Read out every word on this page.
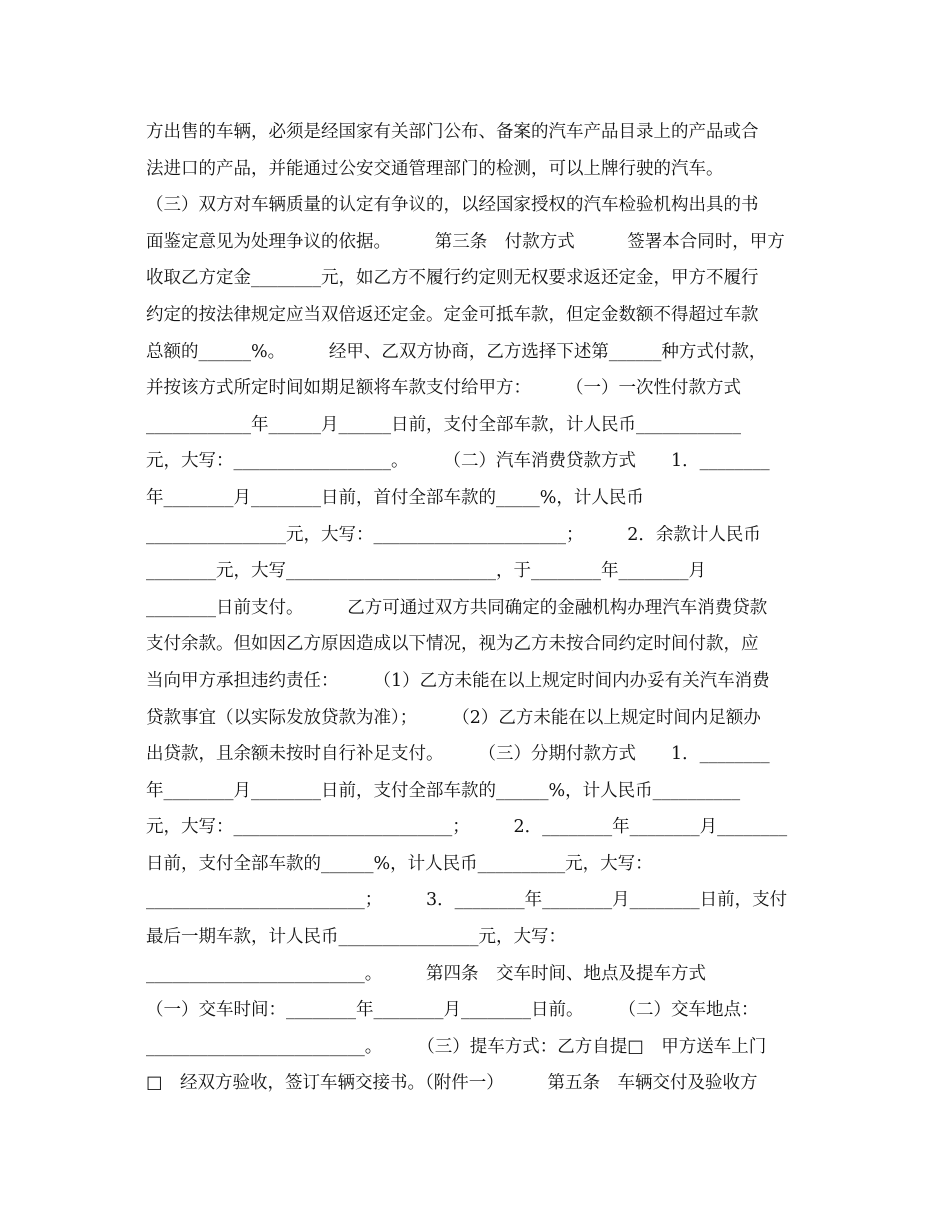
方出售的车辆，必须是经国家有关部门公布、备案的汽车产品目录上的产品或合
法进口的产品，并能通过公安交通管理部门的检测，可以上牌行驶的汽车。
（三）双方对车辆质量的认定有争议的，以经国家授权的汽车检验机构出具的书
面鉴定意见为处理争议的依据。　　　第三条　付款方式　　　签署本合同时，甲方
收取乙方定金________元，如乙方不履行约定则无权要求返还定金，甲方不履行
约定的按法律规定应当双倍返还定金。定金可抵车款，但定金数额不得超过车款
总额的______%。　　　经甲、乙双方协商，乙方选择下述第______种方式付款，
并按该方式所定时间如期足额将车款支付给甲方：　　　（一）一次性付款方式
____________年______月______日前，支付全部车款，计人民币____________
元，大写：__________________。　　　（二）汽车消费贷款方式　　1．________
年________月________日前，首付全部车款的_____%，计人民币
________________元，大写：______________________；　　　2．余款计人民币
________元，大写________________________，于________年________月
________日前支付。　　　乙方可通过双方共同确定的金融机构办理汽车消费贷款
支付余款。但如因乙方原因造成以下情况，视为乙方未按合同约定时间付款，应
当向甲方承担违约责任：　　　（1）乙方未能在以上规定时间内办妥有关汽车消费
贷款事宜（以实际发放贷款为准）；　　　（2）乙方未能在以上规定时间内足额办
出贷款，且余额未按时自行补足支付。　　　（三）分期付款方式　　1．________
年________月________日前，支付全部车款的______%，计人民币__________
元，大写：_________________________；　　　2．________年________月________
日前，支付全部车款的______%，计人民币__________元，大写：
_________________________；　　　3．________年________月________日前，支付
最后一期车款，计人民币________________元，大写：
_________________________。　　　第四条　交车时间、地点及提车方式
（一）交车时间：________年________月________日前。　　　（二）交车地点：
_________________________。　　　（三）提车方式：乙方自提□　甲方送车上门
□　经双方验收，签订车辆交接书。（附件一）　　　第五条　车辆交付及验收方
